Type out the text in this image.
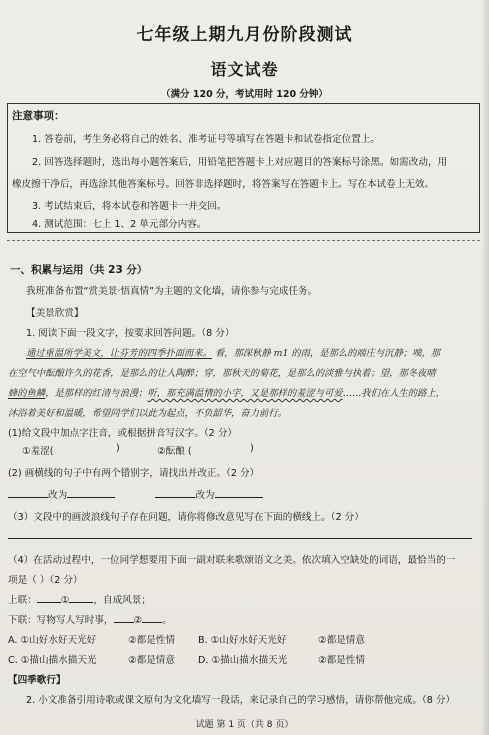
七年级上期九月份阶段测试
语文试卷
（满分 120 分，考试用时 120 分钟）
注意事项：
1. 答卷前，考生务必将自己的姓名、准考证号等填写在答题卡和试卷指定位置上。
2. 回答选择题时，选出每小题答案后，用铅笔把答题卡上对应题目的答案标号涂黑。如需改动，用
橡皮擦干净后，再选涂其他答案标号。回答非选择题时，将答案写在答题卡上。写在本试卷上无效。
3. 考试结束后，将本试卷和答题卡一并交回。
4. 测试范围：七上 1、2 单元部分内容。
一、积累与运用（共 23 分）
我班准备布置“赏美景·悟真情”为主题的文化墙，请你参与完成任务。
【美景欣赏】
1. 阅读下面一段文字，按要求回答问题。（8 分）
通过重温所学美文，让芬芳的四季扑面而来。 看，那深秋静 m1 的雨，是那么的端庄与沉静；嗅，那
在空气中酝酿许久的花香，是那么的让人陶醉；穿，那秋天的菊花，是那么的淡雅与执着；望，那冬夜晴
蜂的鱼鳞，是那样的红清与浪漫；听，那充满温情的小字，又是那样的羞涩与可爱……我们在人生的路上，
沐浴着美好和温暖，希望同学们以此为起点，不负韶华，奋力前行。
(1)给文段中加点字注音，或根据拼音写汉字。（2 分）
①羞涩(	)	②酝酿 (	)
(2) 画横线的句子中有两个错别字，请找出并改正。（2 分）
改为	改为
（3）文段中的画波浪线句子存在问题，请你将修改意见写在下面的横线上。（2 分）
（4）在活动过程中，一位同学想要用下面一副对联来歌颂语文之美。依次填入空缺处的词语，最恰当的一
项是（ ）（2 分）
上联：	①	，自成风景；
下联：写物写人写时事， ② 。
A. ①山好水好天光好	②都是性情 B. ①山好水好天光好	②都是情意
C. ①描山描水描天光	②都是情意 D. ①描山描水描天光	②都是性情
【四季歌行】
2. 小文准备引用诗歌或课文原句为文化墙写一段话，来记录自己的学习感悟，请你帮他完成。（8 分）
试题 第 1 页（共 8 页）
